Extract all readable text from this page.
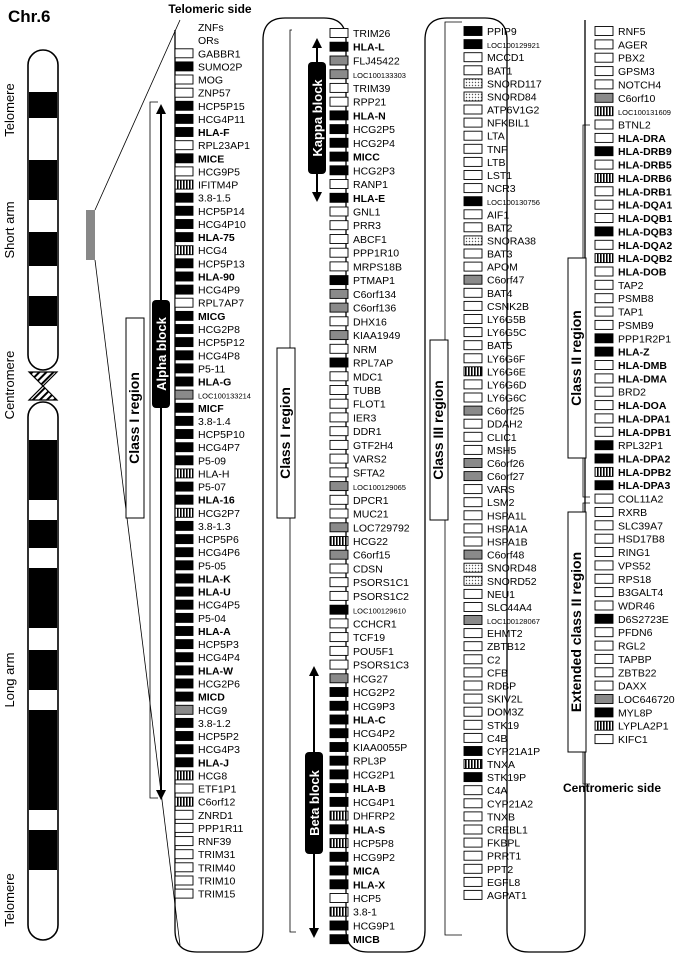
Chr.6
Telomere
Short arm
Centromere
Long arm
Telomere
Telomeric side
Centromeric side
Class I region	Class I region	Class III region
Class II region
Extended class II region
Alpha block
Kappa block
Beta block
ZNFs
ORs
GABBR1
SUMO2P
MOG
ZNP57
HCP5P15
HCG4P11
HLA-F
RPL23AP1
MICE
HCG9P5
IFITM4P
3.8-1.5
HCP5P14
HCG4P10
HLA-75
HCG4
HCP5P13
HLA-90
HCG4P9
RPL7AP7
MICG
HCG2P8
HCP5P12
HCG4P8
P5-11
HLA-G
LOC100133214
MICF
3.8-1.4
HCP5P10
HCG4P7
P5-09
HLA-H
P5-07
HLA-16
HCG2P7
3.8-1.3
HCP5P6
HCG4P6
P5-05
HLA-K
HLA-U
HCG4P5
P5-04
HLA-A
HCP5P3
HCG4P4
HLA-W
HCG2P6
MICD
HCG9
3.8-1.2
HCP5P2
HCG4P3
HLA-J
HCG8
ETF1P1
C6orf12
ZNRD1
PPP1R11
RNF39
TRIM31
TRIM40
TRIM10
TRIM15
TRIM26
HLA-L
FLJ45422
LOC100133303
TRIM39
RPP21
HLA-N
HCG2P5
HCG2P4
MICC
HCG2P3
RANP1
HLA-E
GNL1
PRR3
ABCF1
PPP1R10
MRPS18B
PTMAP1
C6orf134
C6orf136
DHX16
KIAA1949
NRM
RPL7AP
MDC1
TUBB
FLOT1
IER3
DDR1
GTF2H4
VARS2
SFTA2
LOC100129065
DPCR1
MUC21
LOC729792
HCG22
C6orf15
CDSN
PSORS1C1
PSORS1C2
LOC100129610
CCHCR1
TCF19
POU5F1
PSORS1C3
HCG27
HCG2P2
HCG9P3
HLA-C
HCG4P2
KIAA0055P
RPL3P
HCG2P1
HLA-B
HCG4P1
DHFRP2
HLA-S
HCP5P8
HCG9P2
MICA
HLA-X
HCP5
3.8-1
HCG9P1
MICB
PPIP9
LOC100129921
MCCD1
BAT1
SNORD117
SNORD84
ATP6V1G2
NFKBIL1
LTA
TNF
LTB
LST1
NCR3
LOC100130756
AIF1
BAT2
SNORA38
BAT3
APOM
C6orf47
BAT4
CSNK2B
LY6G5B
LY6G5C
BAT5
LY6G6F
LY6G6E
LY6G6D
LY6G6C
C6orf25
DDAH2
CLIC1
MSH5
C6orf26
C6orf27
VARS
LSM2
HSPA1L
HSPA1A
HSPA1B
C6orf48
SNORD48
SNORD52
NEU1
SLC44A4
LOC100128067
EHMT2
ZBTB12
C2
CFB
RDBP
SKIV2L
DOM3Z
STK19
C4B
CYP21A1P
TNXA
STK19P
C4A
CYP21A2
TNXB
CREBL1
FKBPL
PRRT1
PPT2
EGFL8
AGPAT1
RNF5
AGER
PBX2
GPSM3
NOTCH4
C6orf10
LOC100131609
BTNL2
HLA-DRA
HLA-DRB9
HLA-DRB5
HLA-DRB6
HLA-DRB1
HLA-DQA1
HLA-DQB1
HLA-DQB3
HLA-DQA2
HLA-DQB2
HLA-DOB
TAP2
PSMB8
TAP1
PSMB9
PPP1R2P1
HLA-Z
HLA-DMB
HLA-DMA
BRD2
HLA-DOA
HLA-DPA1
HLA-DPB1
RPL32P1
HLA-DPA2
HLA-DPB2
HLA-DPA3
COL11A2
RXRB
SLC39A7
HSD17B8
RING1
VPS52
RPS18
B3GALT4
WDR46
D6S2723E
PFDN6
RGL2
TAPBP
ZBTB22
DAXX
LOC646720
MYL8P
LYPLA2P1
KIFC1
